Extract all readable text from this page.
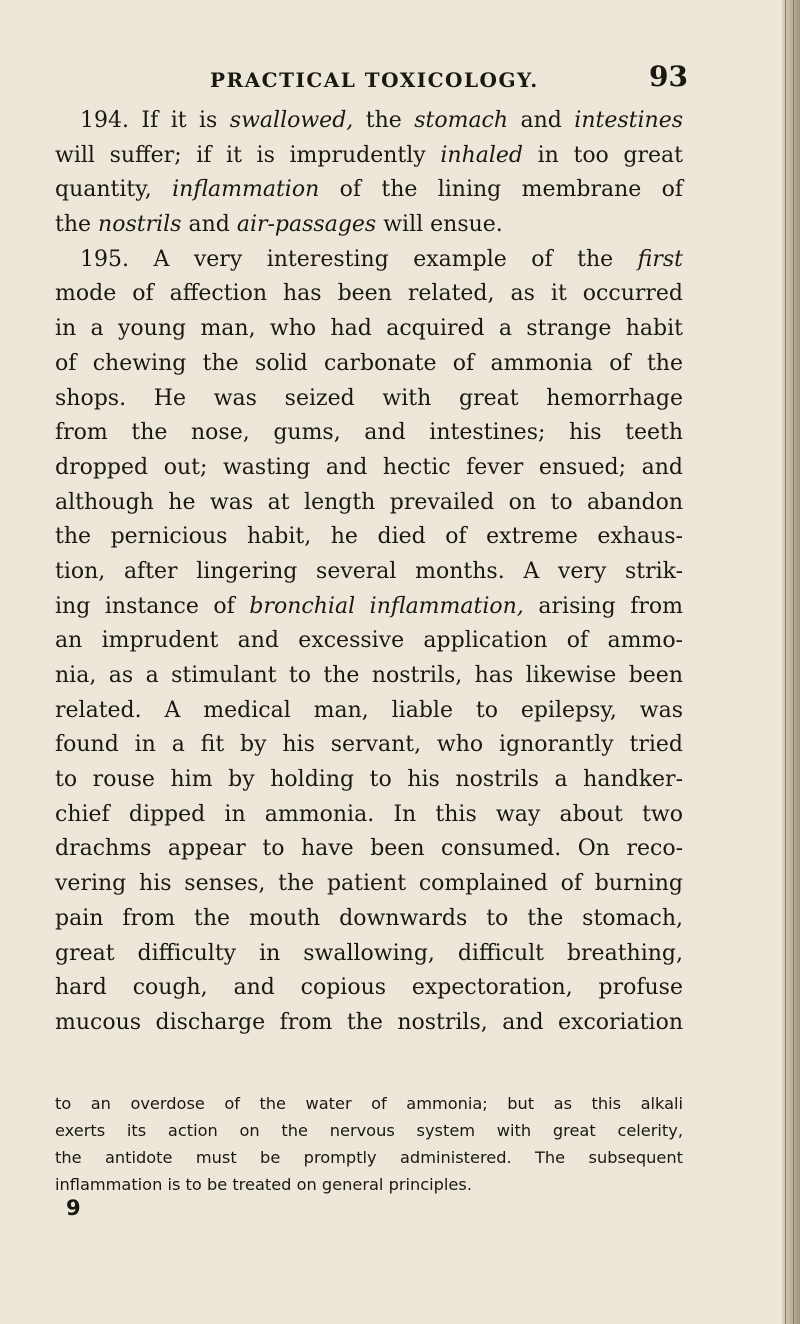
PRACTICAL TOXICOLOGY.	93
194. If it is swallowed, the stomach and intestines
will suffer; if it is imprudently inhaled in too great
quantity, inflammation of the lining membrane of
the nostrils and air-passages will ensue.
195. A very interesting example of the first
mode of affection has been related, as it occurred
in a young man, who had acquired a strange habit
of chewing the solid carbonate of ammonia of the
shops. He was seized with great hemorrhage
from the nose, gums, and intestines; his teeth
dropped out; wasting and hectic fever ensued; and
although he was at length prevailed on to abandon
the pernicious habit, he died of extreme exhaus-
tion, after lingering several months. A very strik-
ing instance of bronchial inflammation, arising from
an imprudent and excessive application of ammo-
nia, as a stimulant to the nostrils, has likewise been
related. A medical man, liable to epilepsy, was
found in a fit by his servant, who ignorantly tried
to rouse him by holding to his nostrils a handker-
chief dipped in ammonia. In this way about two
drachms appear to have been consumed. On reco-
vering his senses, the patient complained of burning
pain from the mouth downwards to the stomach,
great difficulty in swallowing, difficult breathing,
hard cough, and copious expectoration, profuse
mucous discharge from the nostrils, and excoriation
to an overdose of the water of ammonia; but as this alkali
exerts its action on the nervous system with great celerity,
the antidote must be promptly administered. The subsequent
inflammation is to be treated on general principles.
9
